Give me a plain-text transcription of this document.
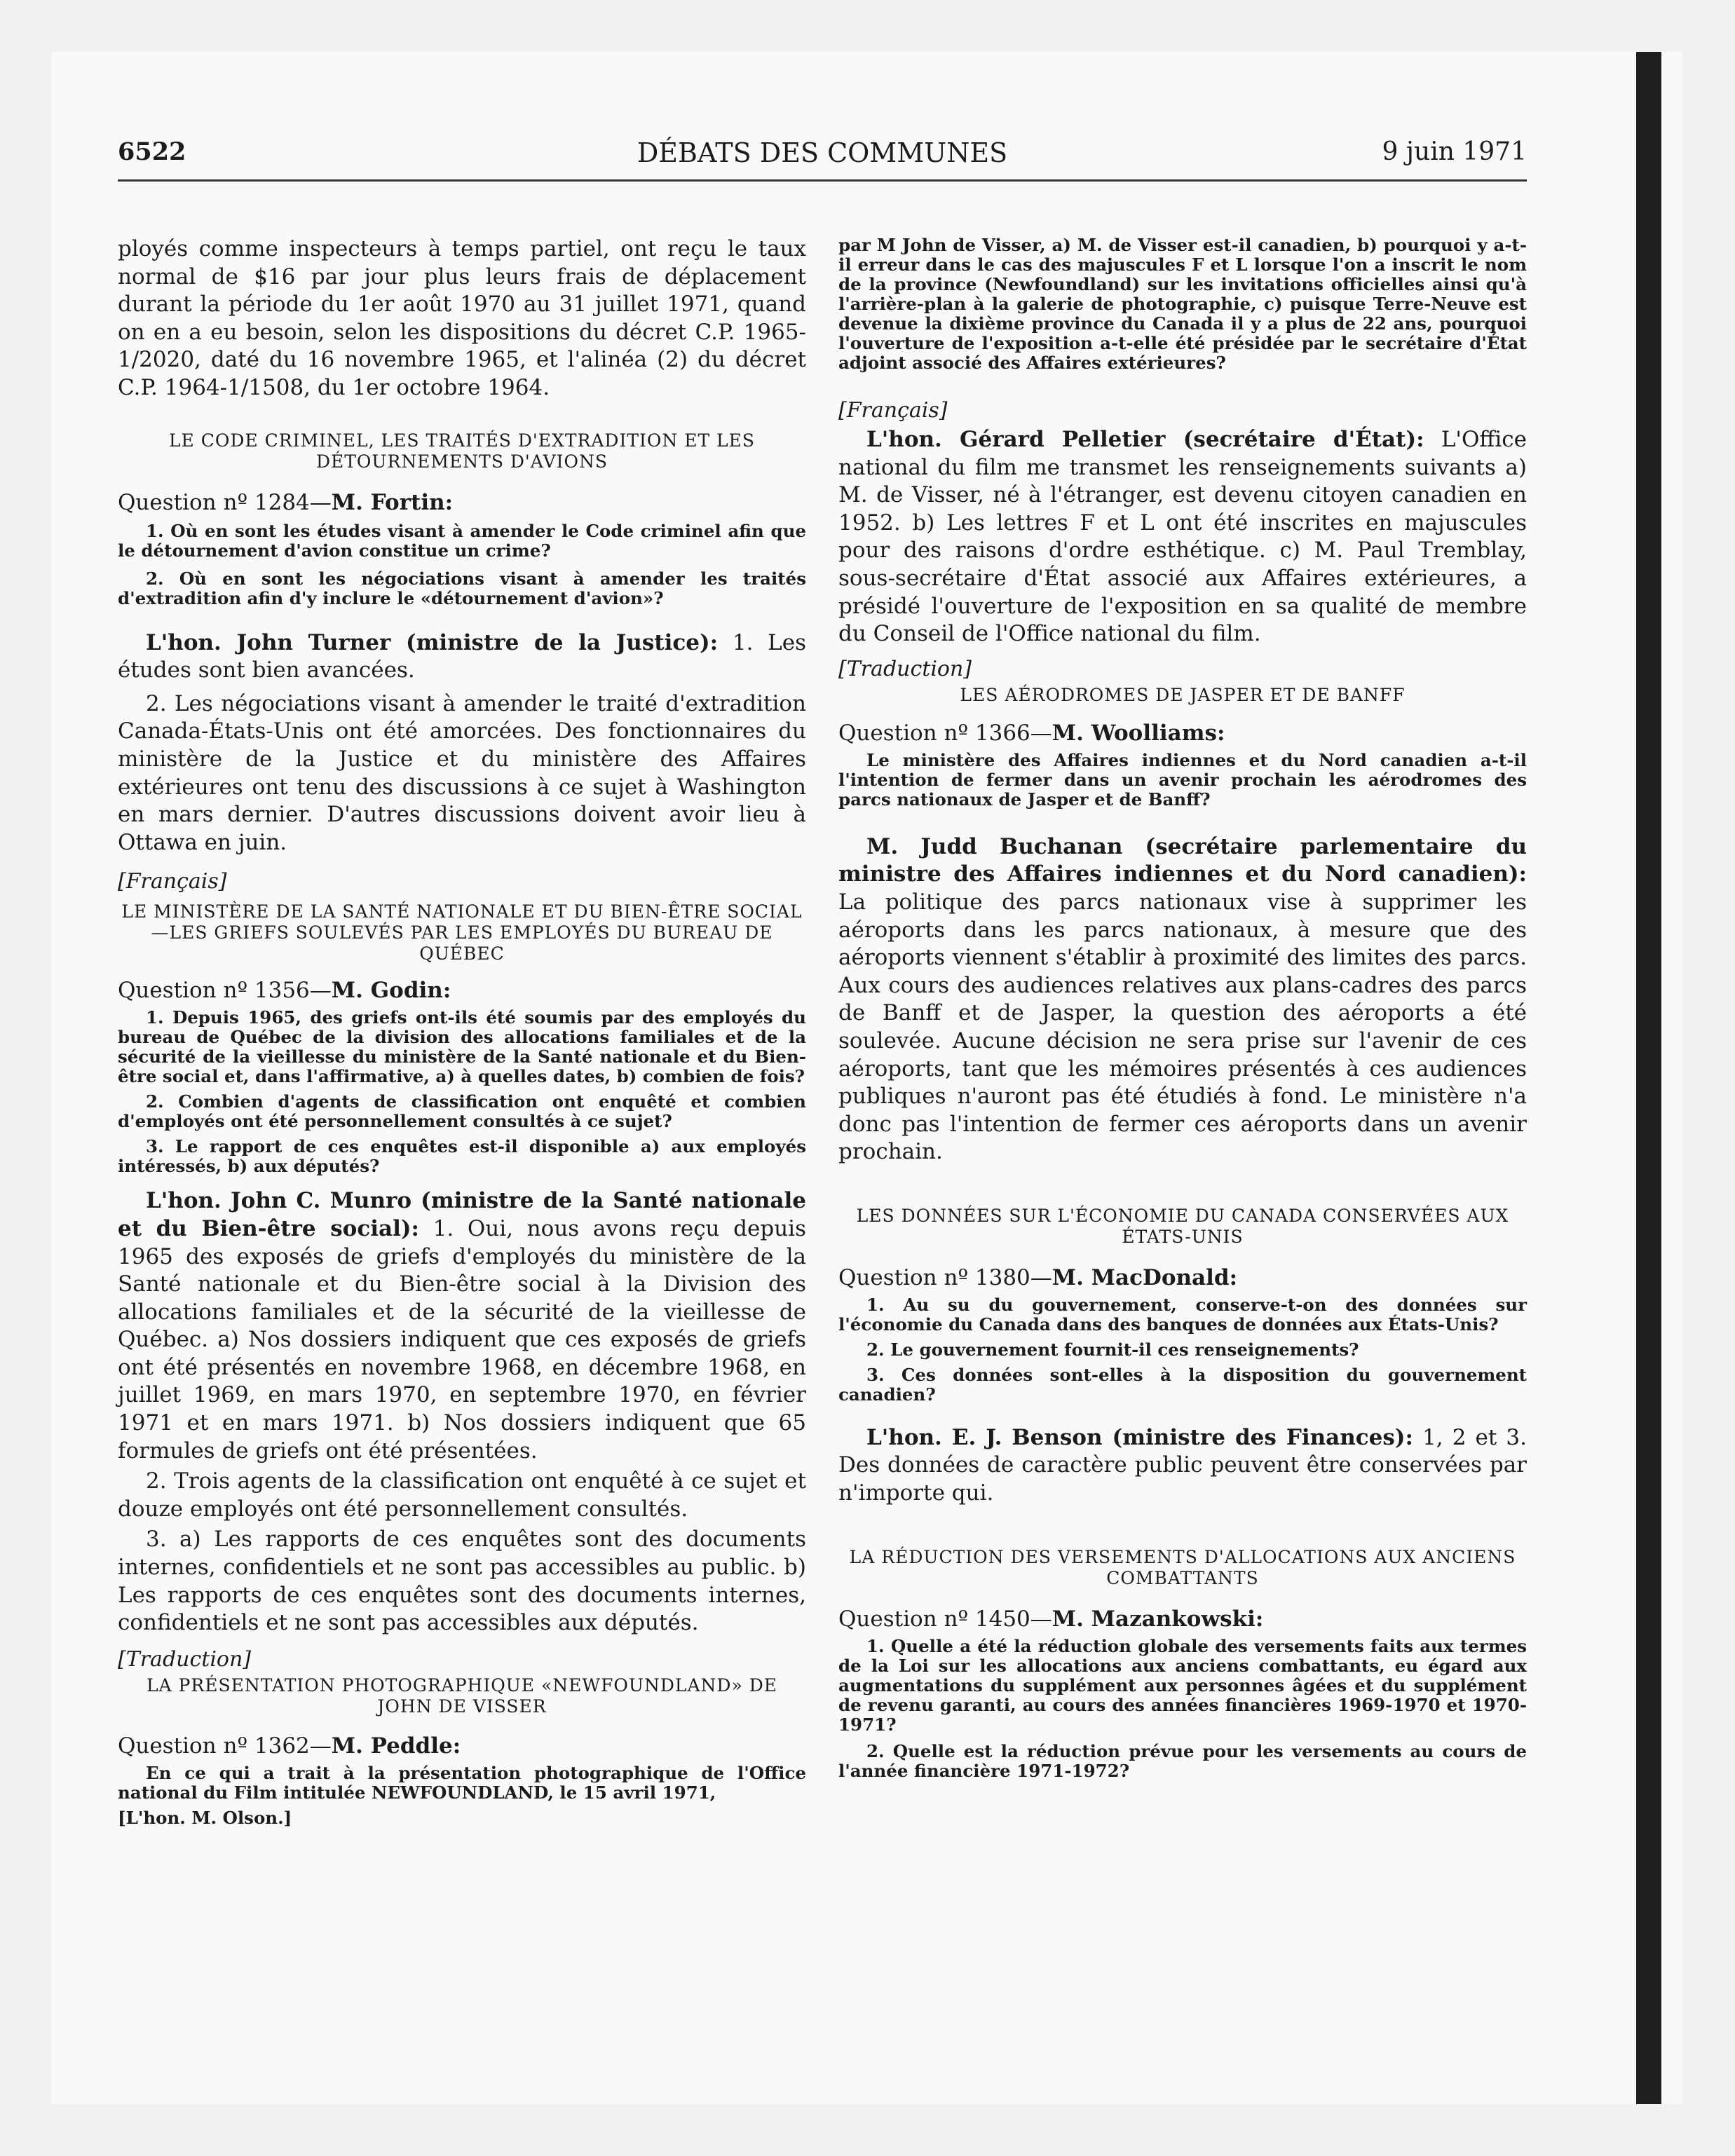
6522	DÉBATS DES COMMUNES	9 juin 1971

ployés comme inspecteurs à temps partiel, ont reçu le taux normal de $16 par jour plus leurs frais de déplacement durant la période du 1er août 1970 au 31 juillet 1971, quand on en a eu besoin, selon les dispositions du décret C.P. 1965-1/2020, daté du 16 novembre 1965, et l'alinéa (2) du décret C.P. 1964-1/1508, du 1er octobre 1964.

LE CODE CRIMINEL, LES TRAITÉS D'EXTRADITION ET LES DÉTOURNEMENTS D'AVIONS

Question nº 1284—M. Fortin:

1. Où en sont les études visant à amender le Code criminel afin que le détournement d'avion constitue un crime?

2. Où en sont les négociations visant à amender les traités d'extradition afin d'y inclure le «détournement d'avion»?

L'hon. John Turner (ministre de la Justice): 1. Les études sont bien avancées.

2. Les négociations visant à amender le traité d'extradition Canada-États-Unis ont été amorcées. Des fonctionnaires du ministère de la Justice et du ministère des Affaires extérieures ont tenu des discussions à ce sujet à Washington en mars dernier. D'autres discussions doivent avoir lieu à Ottawa en juin.

[Français]

LE MINISTÈRE DE LA SANTÉ NATIONALE ET DU BIEN-ÊTRE SOCIAL—LES GRIEFS SOULEVÉS PAR LES EMPLOYÉS DU BUREAU DE QUÉBEC

Question nº 1356—M. Godin:

1. Depuis 1965, des griefs ont-ils été soumis par des employés du bureau de Québec de la division des allocations familiales et de la sécurité de la vieillesse du ministère de la Santé nationale et du Bien-être social et, dans l'affirmative, a) à quelles dates, b) combien de fois?

2. Combien d'agents de classification ont enquêté et combien d'employés ont été personnellement consultés à ce sujet?

3. Le rapport de ces enquêtes est-il disponible a) aux employés intéressés, b) aux députés?

L'hon. John C. Munro (ministre de la Santé nationale et du Bien-être social): 1. Oui, nous avons reçu depuis 1965 des exposés de griefs d'employés du ministère de la Santé nationale et du Bien-être social à la Division des allocations familiales et de la sécurité de la vieillesse de Québec. a) Nos dossiers indiquent que ces exposés de griefs ont été présentés en novembre 1968, en décembre 1968, en juillet 1969, en mars 1970, en septembre 1970, en février 1971 et en mars 1971. b) Nos dossiers indiquent que 65 formules de griefs ont été présentées.

2. Trois agents de la classification ont enquêté à ce sujet et douze employés ont été personnellement consultés.

3. a) Les rapports de ces enquêtes sont des documents internes, confidentiels et ne sont pas accessibles au public. b) Les rapports de ces enquêtes sont des documents internes, confidentiels et ne sont pas accessibles aux députés.

[Traduction]

LA PRÉSENTATION PHOTOGRAPHIQUE «NEWFOUNDLAND» DE JOHN DE VISSER

Question nº 1362—M. Peddle:

En ce qui a trait à la présentation photographique de l'Office national du Film intitulée NEWFOUNDLAND, le 15 avril 1971,

[L'hon. M. Olson.]

par M John de Visser, a) M. de Visser est-il canadien, b) pourquoi y a-t-il erreur dans le cas des majuscules F et L lorsque l'on a inscrit le nom de la province (Newfoundland) sur les invitations officielles ainsi qu'à l'arrière-plan à la galerie de photographie, c) puisque Terre-Neuve est devenue la dixième province du Canada il y a plus de 22 ans, pourquoi l'ouverture de l'exposition a-t-elle été présidée par le secrétaire d'État adjoint associé des Affaires extérieures?

[Français]

L'hon. Gérard Pelletier (secrétaire d'État): L'Office national du film me transmet les renseignements suivants a) M. de Visser, né à l'étranger, est devenu citoyen canadien en 1952. b) Les lettres F et L ont été inscrites en majuscules pour des raisons d'ordre esthétique. c) M. Paul Tremblay, sous-secrétaire d'État associé aux Affaires extérieures, a présidé l'ouverture de l'exposition en sa qualité de membre du Conseil de l'Office national du film.

[Traduction]

LES AÉRODROMES DE JASPER ET DE BANFF

Question nº 1366—M. Woolliams:

Le ministère des Affaires indiennes et du Nord canadien a-t-il l'intention de fermer dans un avenir prochain les aérodromes des parcs nationaux de Jasper et de Banff?

M. Judd Buchanan (secrétaire parlementaire du ministre des Affaires indiennes et du Nord canadien): La politique des parcs nationaux vise à supprimer les aéroports dans les parcs nationaux, à mesure que des aéroports viennent s'établir à proximité des limites des parcs. Aux cours des audiences relatives aux plans-cadres des parcs de Banff et de Jasper, la question des aéroports a été soulevée. Aucune décision ne sera prise sur l'avenir de ces aéroports, tant que les mémoires présentés à ces audiences publiques n'auront pas été étudiés à fond. Le ministère n'a donc pas l'intention de fermer ces aéroports dans un avenir prochain.

LES DONNÉES SUR L'ÉCONOMIE DU CANADA CONSERVÉES AUX ÉTATS-UNIS

Question nº 1380—M. MacDonald:

1. Au su du gouvernement, conserve-t-on des données sur l'économie du Canada dans des banques de données aux États-Unis?

2. Le gouvernement fournit-il ces renseignements?

3. Ces données sont-elles à la disposition du gouvernement canadien?

L'hon. E. J. Benson (ministre des Finances): 1, 2 et 3. Des données de caractère public peuvent être conservées par n'importe qui.

LA RÉDUCTION DES VERSEMENTS D'ALLOCATIONS AUX ANCIENS COMBATTANTS

Question nº 1450—M. Mazankowski:

1. Quelle a été la réduction globale des versements faits aux termes de la Loi sur les allocations aux anciens combattants, eu égard aux augmentations du supplément aux personnes âgées et du supplément de revenu garanti, au cours des années financières 1969-1970 et 1970-1971?

2. Quelle est la réduction prévue pour les versements au cours de l'année financière 1971-1972?
